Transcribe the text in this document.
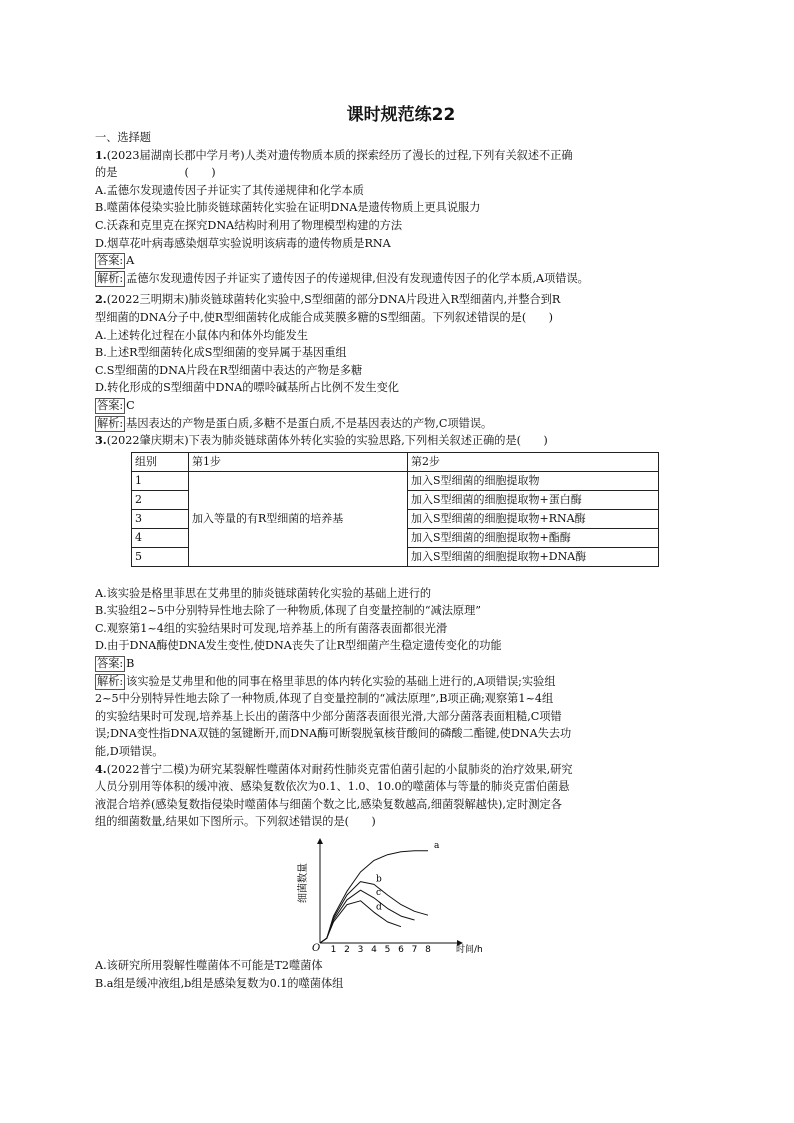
课时规范练22
一、选择题
1.(2023届湖南长郡中学月考)人类对遗传物质本质的探索经历了漫长的过程,下列有关叙述不正确
的是　　　　　　(　　)
A.孟德尔发现遗传因子并证实了其传递规律和化学本质
B.噬菌体侵染实验比肺炎链球菌转化实验在证明DNA是遗传物质上更具说服力
C.沃森和克里克在探究DNA结构时利用了物理模型构建的方法
D.烟草花叶病毒感染烟草实验说明该病毒的遗传物质是RNA
答案: A
解析: 孟德尔发现遗传因子并证实了遗传因子的传递规律,但没有发现遗传因子的化学本质,A项错误。
2.(2022三明期末)肺炎链球菌转化实验中,S型细菌的部分DNA片段进入R型细菌内,并整合到R
型细菌的DNA分子中,使R型细菌转化成能合成荚膜多糖的S型细菌。下列叙述错误的是(　　)
A.上述转化过程在小鼠体内和体外均能发生
B.上述R型细菌转化成S型细菌的变异属于基因重组
C.S型细菌的DNA片段在R型细菌中表达的产物是多糖
D.转化形成的S型细菌中DNA的嘌呤碱基所占比例不发生变化
答案: C
解析: 基因表达的产物是蛋白质,多糖不是蛋白质,不是基因表达的产物,C项错误。
3.(2022肇庆期末)下表为肺炎链球菌体外转化实验的实验思路,下列相关叙述正确的是(　　)
组别	第1步	第2步
1	加入等量的有R型细菌的培养基	加入S型细菌的细胞提取物
2		加入S型细菌的细胞提取物+蛋白酶
3		加入S型细菌的细胞提取物+RNA酶
4		加入S型细菌的细胞提取物+酯酶
5		加入S型细菌的细胞提取物+DNA酶
A.该实验是格里菲思在艾弗里的肺炎链球菌转化实验的基础上进行的
B.实验组2~5中分别特异性地去除了一种物质,体现了自变量控制的“减法原理”
C.观察第1~4组的实验结果时可发现,培养基上的所有菌落表面都很光滑
D.由于DNA酶使DNA发生变性,使DNA丧失了让R型细菌产生稳定遗传变化的功能
答案: B
解析: 该实验是艾弗里和他的同事在格里菲思的体内转化实验的基础上进行的,A项错误;实验组
2~5中分别特异性地去除了一种物质,体现了自变量控制的“减法原理”,B项正确;观察第1~4组
的实验结果时可发现,培养基上长出的菌落中少部分菌落表面很光滑,大部分菌落表面粗糙,C项错
误;DNA变性指DNA双链的氢键断开,而DNA酶可断裂脱氧核苷酸间的磷酸二酯键,使DNA失去功
能,D项错误。
4.(2022普宁二模)为研究某裂解性噬菌体对耐药性肺炎克雷伯菌引起的小鼠肺炎的治疗效果,研究
人员分别用等体积的缓冲液、感染复数依次为0.1、1.0、10.0的噬菌体与等量的肺炎克雷伯菌悬
液混合培养(感染复数指侵染时噬菌体与细菌个数之比,感染复数越高,细菌裂解越快),定时测定各
组的细菌数量,结果如下图所示。下列叙述错误的是(　　)
细菌数量
O 1 2 3 4 5 6 7 8	时间/h
a
b
c
d
A.该研究所用裂解性噬菌体不可能是T2噬菌体
B.a组是缓冲液组,b组是感染复数为0.1的噬菌体组
